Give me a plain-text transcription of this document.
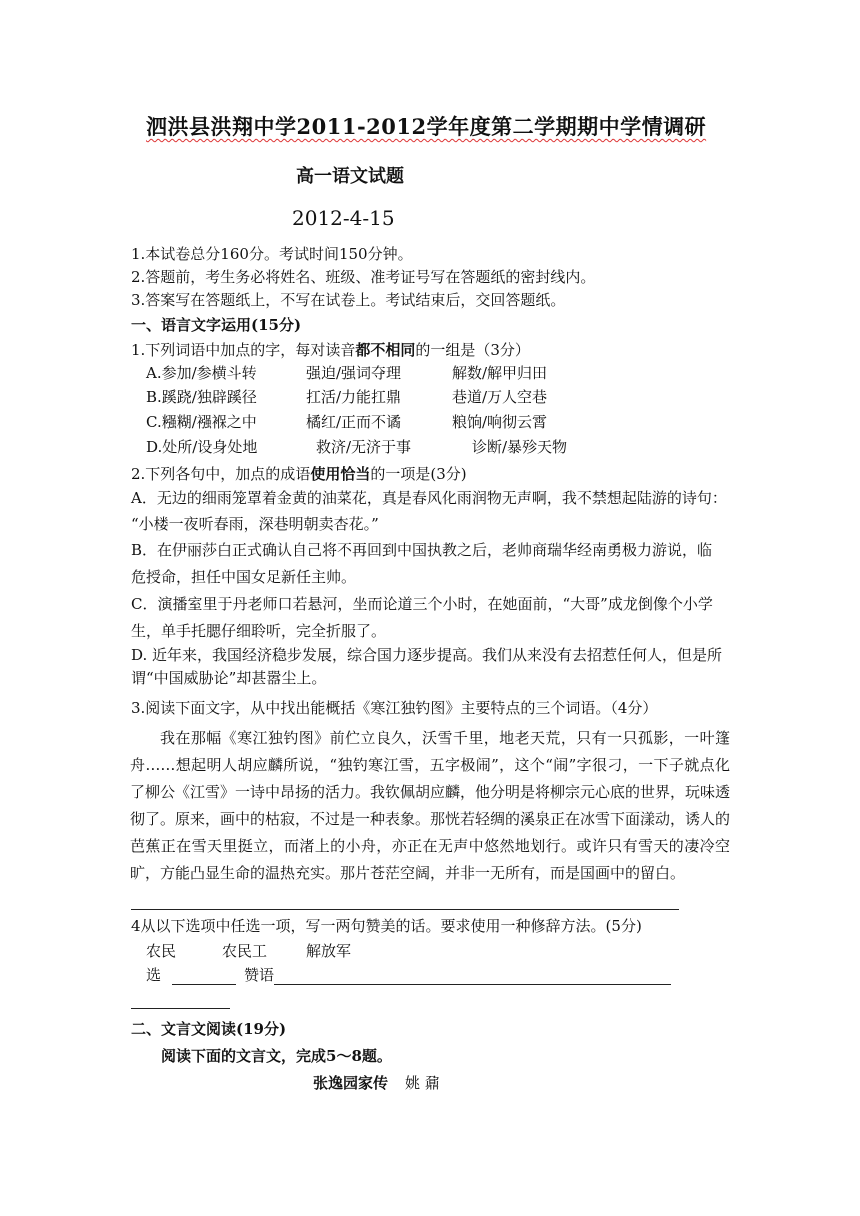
泗洪县洪翔中学2011-2012学年度第二学期期中学情调研
高一语文试题
2012-4-15
1.本试卷总分160分。考试时间150分钟。
2.答题前，考生务必将姓名、班级、准考证号写在答题纸的密封线内。
3.答案写在答题纸上，不写在试卷上。考试结束后，交回答题纸。
一、语言文字运用(15分)
1.下列词语中加点的字，每对读音都不相同的一组是（3分）
A.参加/参横斗转	强迫/强词夺理	解数/解甲归田
B.蹊跷/独辟蹊径	扛活/力能扛鼎	巷道/万人空巷
C.糨糊/襁褓之中	橘红/正而不谲	粮饷/响彻云霄
D.处所/设身处地	救济/无济于事	诊断/暴殄天物
2.下列各句中，加点的成语使用恰当的一项是(3分)
A．无边的细雨笼罩着金黄的油菜花，真是春风化雨润物无声啊，我不禁想起陆游的诗句：
“小楼一夜听春雨，深巷明朝卖杏花。”
B．在伊丽莎白正式确认自己将不再回到中国执教之后，老帅商瑞华经南勇极力游说，临
危授命，担任中国女足新任主帅。
C．演播室里于丹老师口若悬河，坐而论道三个小时，在她面前，“大哥”成龙倒像个小学
生，单手托腮仔细聆听，完全折服了。
D. 近年来，我国经济稳步发展，综合国力逐步提高。我们从来没有去招惹任何人，但是所
谓“中国威胁论”却甚嚣尘上。
3.阅读下面文字，从中找出能概括《寒江独钓图》主要特点的三个词语。（4分）
我在那幅《寒江独钓图》前伫立良久，沃雪千里，地老天荒，只有一只孤影，一叶篷舟……想起明人胡应麟所说，“独钓寒江雪，五字极闹”，这个“闹”字很刁，一下子就点化了柳公《江雪》一诗中昂扬的活力。我钦佩胡应麟，他分明是将柳宗元心底的世界，玩味透彻了。原来，画中的枯寂，不过是一种表象。那恍若轻绸的溪泉正在冰雪下面漾动，诱人的芭蕉正在雪天里挺立，而渚上的小舟，亦正在无声中悠然地划行。或许只有雪天的凄冷空旷，方能凸显生命的温热充实。那片苍茫空阔，并非一无所有，而是国画中的留白。
4从以下选项中任选一项，写一两句赞美的话。要求使用一种修辞方法。(5分)
农民	农民工	解放军
选	赞语
二、文言文阅读(19分)
阅读下面的文言文，完成5～8题。
张逸园家传 姚 鼐
